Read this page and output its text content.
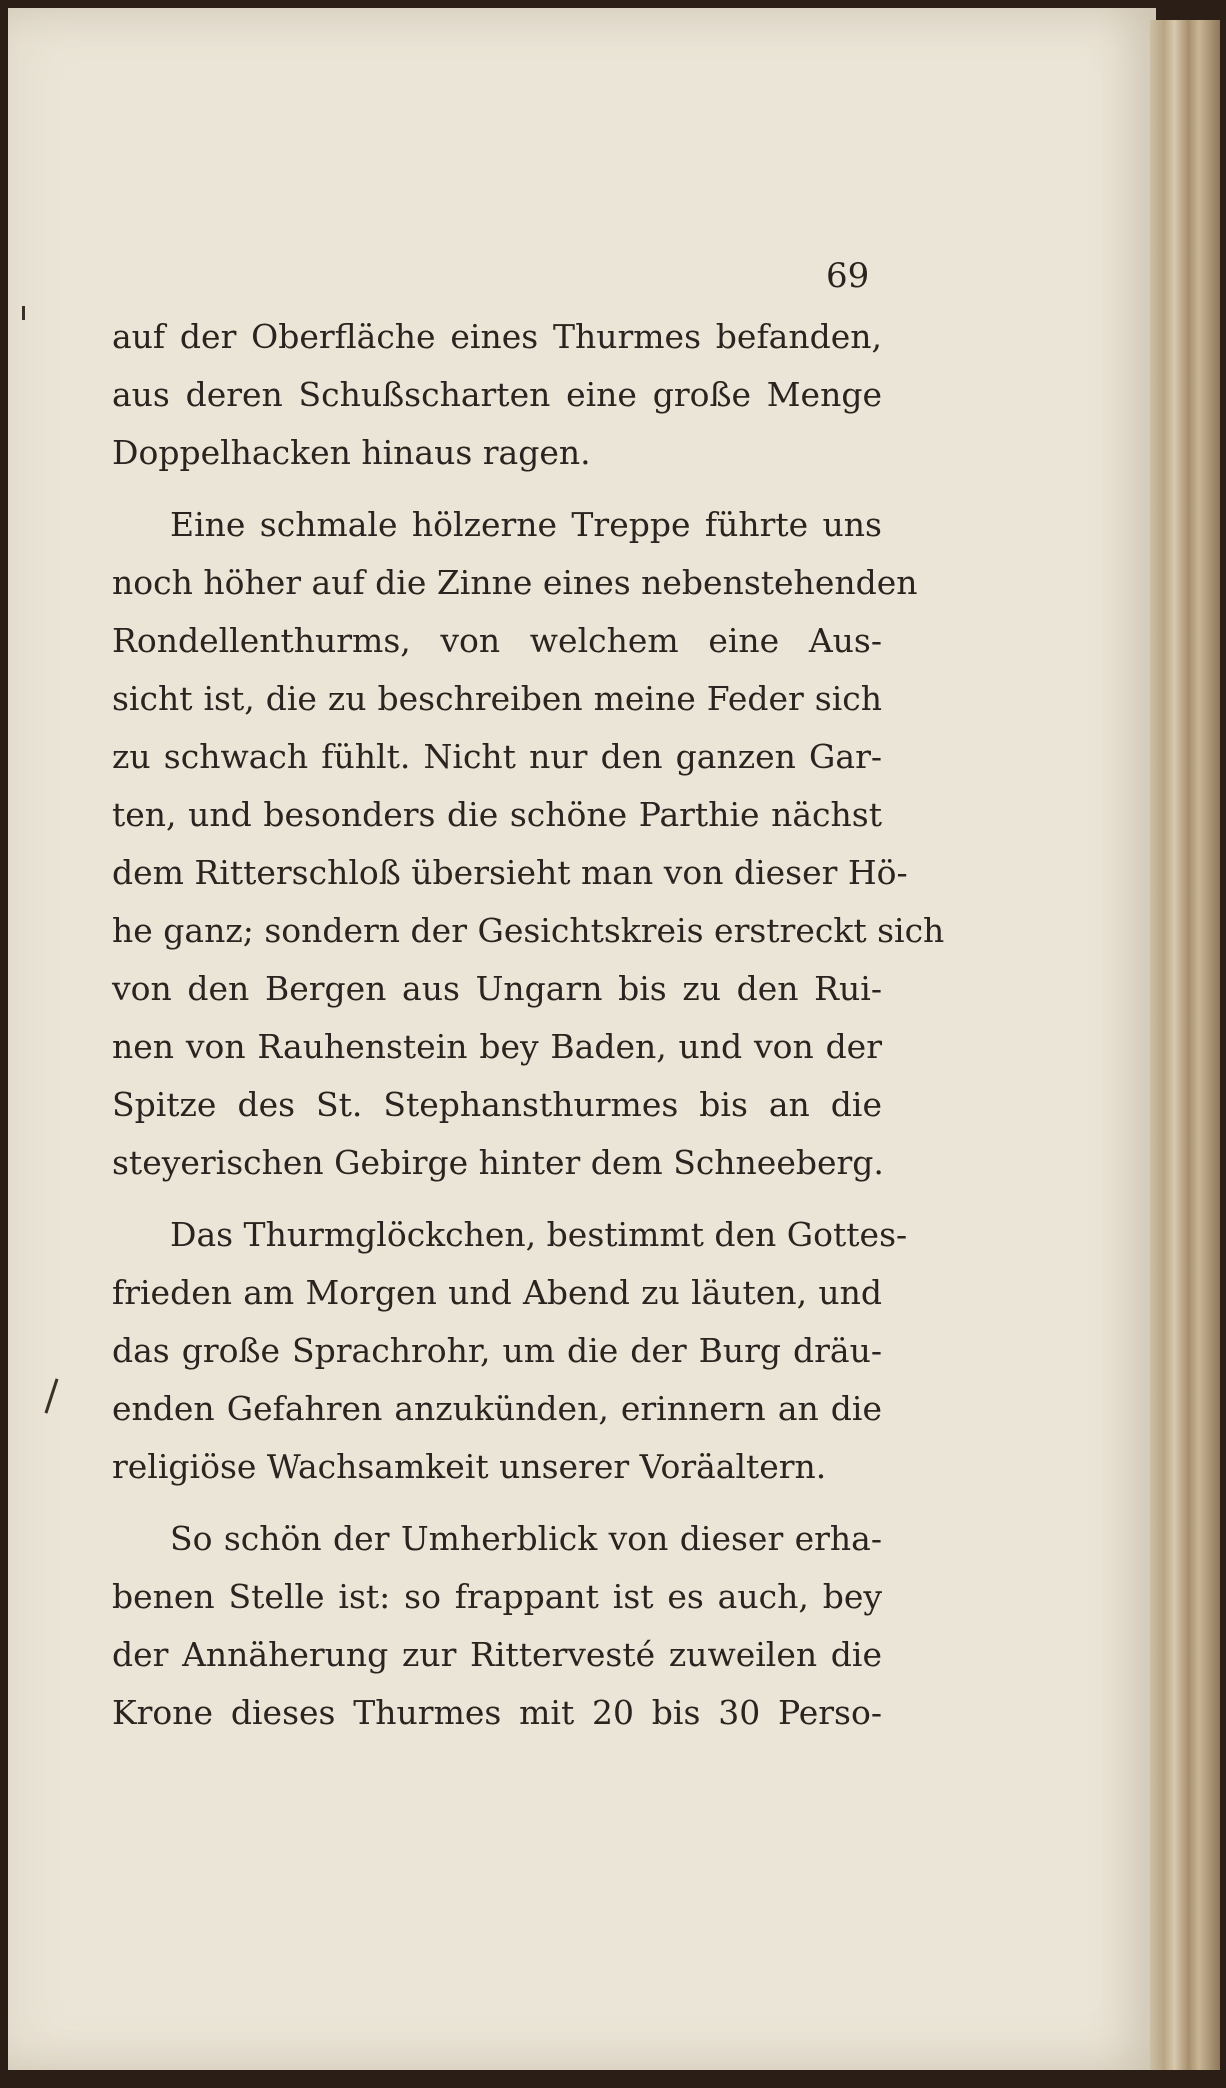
69
auf der Oberfläche eines Thurmes befanden,
aus deren Schußscharten eine große Menge
Doppelhacken hinaus ragen.
Eine schmale hölzerne Treppe führte uns
noch höher auf die Zinne eines nebenstehenden
Rondellenthurms, von welchem eine Aus-
sicht ist, die zu beschreiben meine Feder sich
zu schwach fühlt. Nicht nur den ganzen Gar-
ten, und besonders die schöne Parthie nächst
dem Ritterschloß übersieht man von dieser Hö-
he ganz; sondern der Gesichtskreis erstreckt sich
von den Bergen aus Ungarn bis zu den Rui-
nen von Rauhenstein bey Baden, und von der
Spitze des St. Stephansthurmes bis an die
steyerischen Gebirge hinter dem Schneeberg.
Das Thurmglöckchen, bestimmt den Gottes-
frieden am Morgen und Abend zu läuten, und
das große Sprachrohr, um die der Burg dräu-
enden Gefahren anzukünden, erinnern an die
religiöse Wachsamkeit unserer Voräaltern.
So schön der Umherblick von dieser erha-
benen Stelle ist: so frappant ist es auch, bey
der Annäherung zur Rittervesté zuweilen die
Krone dieses Thurmes mit 20 bis 30 Perso-
